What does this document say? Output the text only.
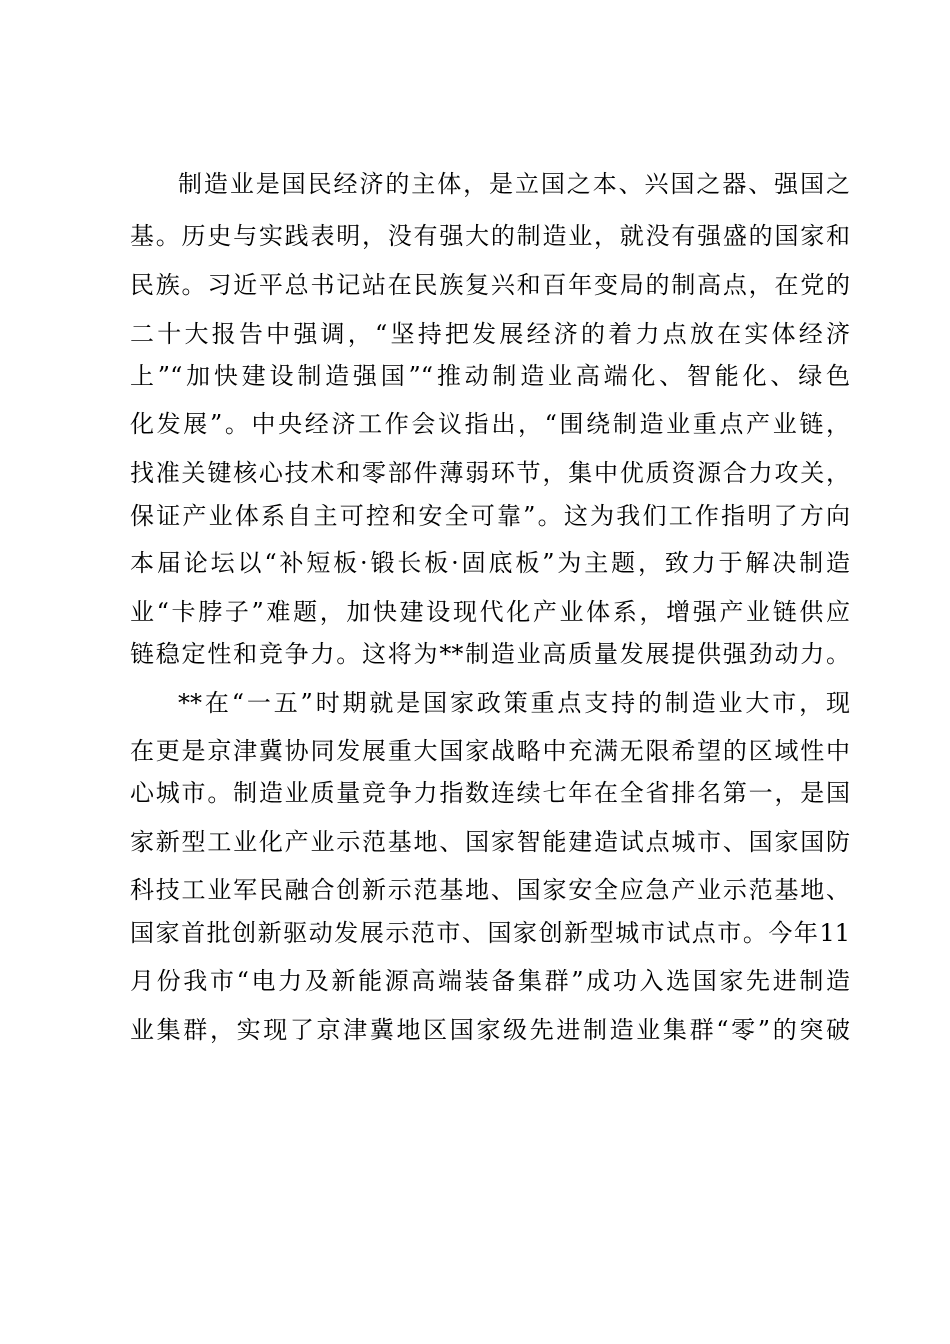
制造业是国民经济的主体，是立国之本、兴国之器、强国之
基。历史与实践表明，没有强大的制造业，就没有强盛的国家和
民族。习近平总书记站在民族复兴和百年变局的制高点，在党的
二十大报告中强调，“坚持把发展经济的着力点放在实体经济
上”“加快建设制造强国”“推动制造业高端化、智能化、绿色
化发展”。中央经济工作会议指出，“围绕制造业重点产业链，
找准关键核心技术和零部件薄弱环节，集中优质资源合力攻关，
保证产业体系自主可控和安全可靠”。这为我们工作指明了方向
本届论坛以“补短板·锻长板·固底板”为主题，致力于解决制造
业“卡脖子”难题，加快建设现代化产业体系，增强产业链供应
链稳定性和竞争力。这将为**制造业高质量发展提供强劲动力。
**在“一五”时期就是国家政策重点支持的制造业大市，现
在更是京津冀协同发展重大国家战略中充满无限希望的区域性中
心城市。制造业质量竞争力指数连续七年在全省排名第一，是国
家新型工业化产业示范基地、国家智能建造试点城市、国家国防
科技工业军民融合创新示范基地、国家安全应急产业示范基地、
国家首批创新驱动发展示范市、国家创新型城市试点市。今年11
月份我市“电力及新能源高端装备集群”成功入选国家先进制造
业集群，实现了京津冀地区国家级先进制造业集群“零”的突破
